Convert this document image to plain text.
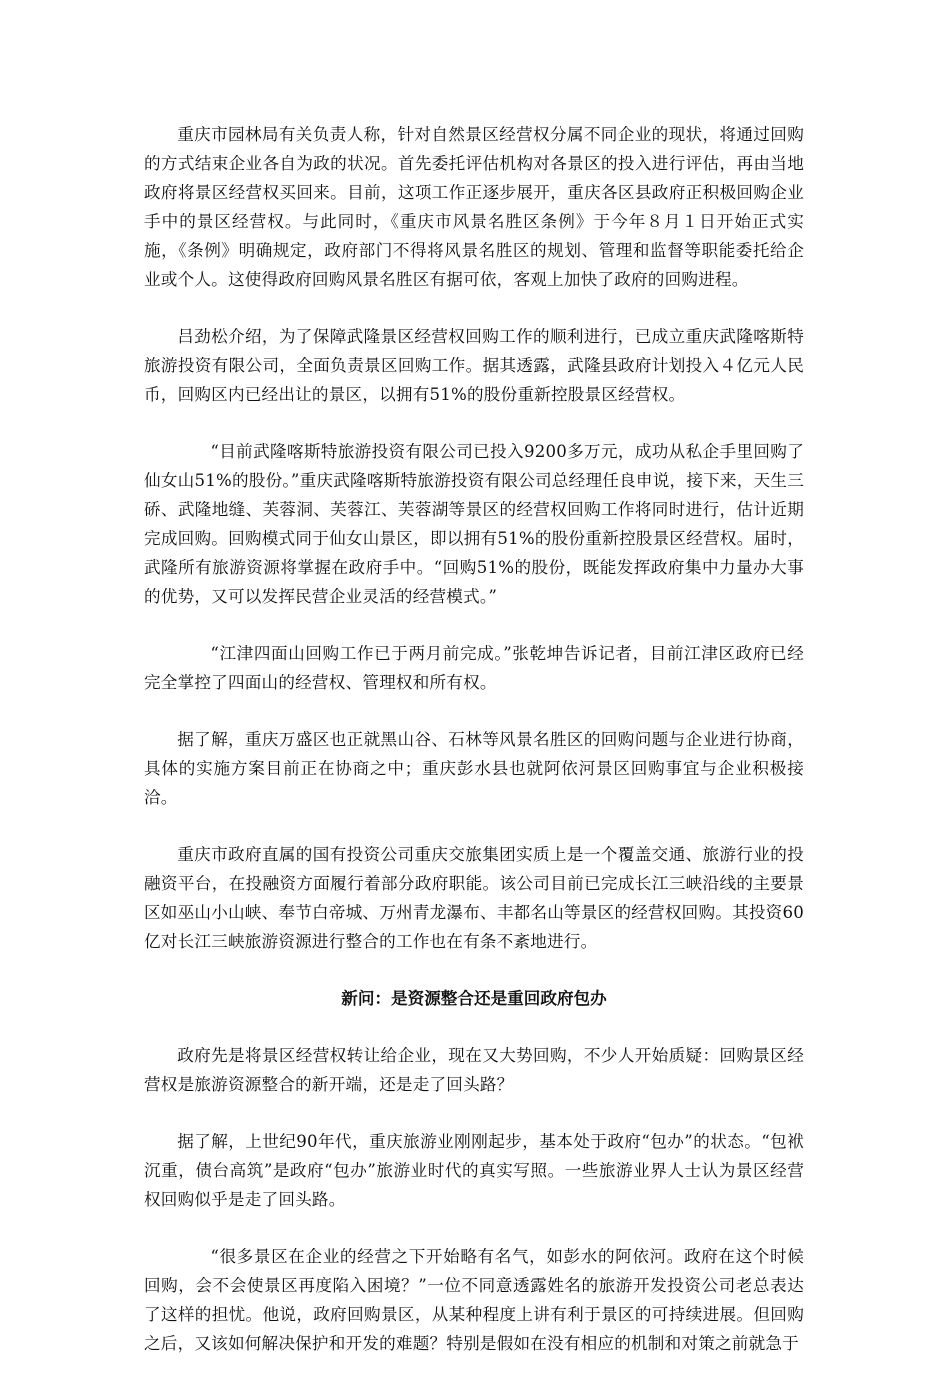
重庆市园林局有关负责人称，针对自然景区经营权分属不同企业的现状，将通过回购的方式结束企业各自为政的状况。首先委托评估机构对各景区的投入进行评估，再由当地政府将景区经营权买回来。目前，这项工作正逐步展开，重庆各区县政府正积极回购企业手中的景区经营权。与此同时，《重庆市风景名胜区条例》于今年８月１日开始正式实施，《条例》明确规定，政府部门不得将风景名胜区的规划、管理和监督等职能委托给企业或个人。这使得政府回购风景名胜区有据可依，客观上加快了政府的回购进程。

吕劲松介绍，为了保障武隆景区经营权回购工作的顺利进行，已成立重庆武隆喀斯特旅游投资有限公司，全面负责景区回购工作。据其透露，武隆县政府计划投入４亿元人民币，回购区内已经出让的景区，以拥有51%的股份重新控股景区经营权。

“目前武隆喀斯特旅游投资有限公司已投入9200多万元，成功从私企手里回购了仙女山51%的股份。”重庆武隆喀斯特旅游投资有限公司总经理任良申说，接下来，天生三硚、武隆地缝、芙蓉洞、芙蓉江、芙蓉湖等景区的经营权回购工作将同时进行，估计近期完成回购。回购模式同于仙女山景区，即以拥有51%的股份重新控股景区经营权。届时，武隆所有旅游资源将掌握在政府手中。“回购51%的股份，既能发挥政府集中力量办大事的优势，又可以发挥民营企业灵活的经营模式。”

“江津四面山回购工作已于两月前完成。”张乾坤告诉记者，目前江津区政府已经完全掌控了四面山的经营权、管理权和所有权。

据了解，重庆万盛区也正就黑山谷、石林等风景名胜区的回购问题与企业进行协商，具体的实施方案目前正在协商之中；重庆彭水县也就阿依河景区回购事宜与企业积极接洽。

重庆市政府直属的国有投资公司重庆交旅集团实质上是一个覆盖交通、旅游行业的投融资平台，在投融资方面履行着部分政府职能。该公司目前已完成长江三峡沿线的主要景区如巫山小山峡、奉节白帝城、万州青龙瀑布、丰都名山等景区的经营权回购。其投资60亿对长江三峡旅游资源进行整合的工作也在有条不紊地进行。

新问：是资源整合还是重回政府包办

政府先是将景区经营权转让给企业，现在又大势回购，不少人开始质疑：回购景区经营权是旅游资源整合的新开端，还是走了回头路？

据了解，上世纪90年代，重庆旅游业刚刚起步，基本处于政府“包办”的状态。“包袱沉重，债台高筑”是政府“包办”旅游业时代的真实写照。一些旅游业界人士认为景区经营权回购似乎是走了回头路。

“很多景区在企业的经营之下开始略有名气，如彭水的阿依河。政府在这个时候回购，会不会使景区再度陷入困境？”一位不同意透露姓名的旅游开发投资公司老总表达了这样的担忧。他说，政府回购景区，从某种程度上讲有利于景区的可持续进展。但回购之后，又该如何解决保护和开发的难题？特别是假如在没有相应的机制和对策之前就急于
